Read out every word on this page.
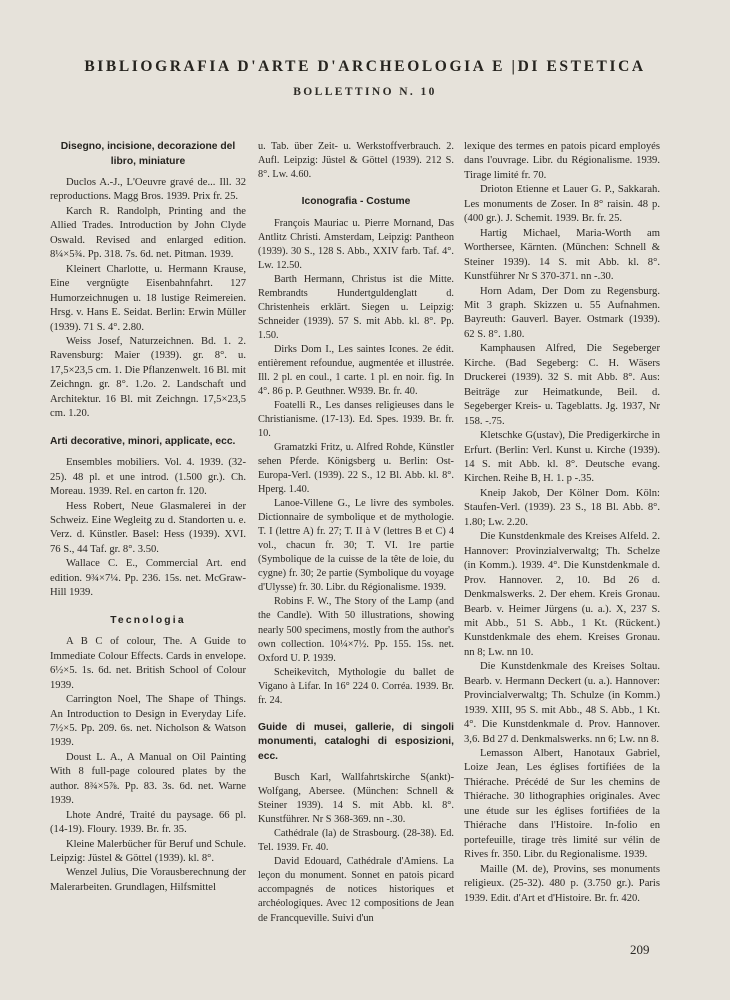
BIBLIOGRAFIA D'ARTE D'ARCHEOLOGIA E |DI ESTETICA
BOLLETTINO N. 10

Disegno, incisione, decorazione del libro, miniature

Duclos A.-J., L'Oeuvre gravé de... Ill. 32 reproductions. Magg Bros. 1939. Prix fr. 25.

Karch R. Randolph, Printing and the Allied Trades. Introduction by John Clyde Oswald. Revised and enlarged edition. 8¼×5¾. Pp. 318. 7s. 6d. net. Pitman. 1939.

Kleinert Charlotte, u. Hermann Krause, Eine vergnügte Eisenbahnfahrt. 127 Humorzeichnugen u. 18 lustige Reimereien. Hrsg. v. Hans E. Seidat. Berlin: Erwin Müller (1939). 71 S. 4°. 2.80.

Weiss Josef, Naturzeichnen. Bd. 1. 2. Ravensburg: Maier (1939). gr. 8°. u. 17,5×23,5 cm. 1. Die Pflanzenwelt. 16 Bl. mit Zeichngn. gr. 8°. 1.2o. 2. Landschaft und Architektur. 16 Bl. mit Zeichngn. 17,5×23,5 cm. 1.20.

Arti decorative, minori, applicate, ecc.

Ensembles mobiliers. Vol. 4. 1939. (32-25). 48 pl. et une introd. (1.500 gr.). Ch. Moreau. 1939. Rel. en carton fr. 120.

Hess Robert, Neue Glasmalerei in der Schweiz. Eine Wegleitg zu d. Standorten u. e. Verz. d. Künstler. Basel: Hess (1939). XVI. 76 S., 44 Taf. gr. 8°. 3.50.

Wallace C. E., Commercial Art. end edition. 9¾×7¼. Pp. 236. 15s. net. McGraw-Hill 1939.

Tecnologia

A B C of colour, The. A Guide to Immediate Colour Effects. Cards in envelope. 6½×5. 1s. 6d. net. British School of Colour 1939.

Carrington Noel, The Shape of Things. An Introduction to Design in Everyday Life. 7½×5. Pp. 209. 6s. net. Nicholson & Watson 1939.

Doust L. A., A Manual on Oil Painting With 8 full-page coloured plates by the author. 8¾×5⅞. Pp. 83. 3s. 6d. net. Warne 1939.

Lhote André, Traité du paysage. 66 pl. (14-19). Floury. 1939. Br. fr. 35.

Kleine Malerbücher für Beruf und Schule. Leipzig: Jüstel & Göttel (1939). kl. 8°.

Wenzel Julius, Die Vorausberechnung der Malerarbeiten. Grundlagen, Hilfsmittel

u. Tab. über Zeit- u. Werkstoffverbrauch. 2. Aufl. Leipzig: Jüstel & Göttel (1939). 212 S. 8°. Lw. 4.60.

Iconografia - Costume

François Mauriac u. Pierre Mornand, Das Antlitz Christi. Amsterdam, Leipzig: Pantheon (1939). 30 S., 128 S. Abb., XXIV farb. Taf. 4°. Lw. 12.50.

Barth Hermann, Christus ist die Mitte. Rembrandts Hundertguldenglatt d. Christenheis erklärt. Siegen u. Leipzig: Schneider (1939). 57 S. mit Abb. kl. 8°. Pp. 1.50.

Dirks Dom I., Les saintes Icones. 2e édit. entièrement refoundue, augmentée et illustrée. Ill. 2 pl. en coul., 1 carte. 1 pl. en noir. fig. In 4°. 86 p. P. Geuthner. W939. Br. fr. 40.

Foatelli R., Les danses religieuses dans le Christianisme. (17-13). Ed. Spes. 1939. Br. fr. 10.

Gramatzki Fritz, u. Alfred Rohde, Künstler sehen Pferde. Königsberg u. Berlin: Ost-Europa-Verl. (1939). 22 S., 12 Bl. Abb. kl. 8°. Hperg. 1.40.

Lanoe-Villene G., Le livre des symboles. Dictionnaire de symbolique et de mythologie. T. I (lettre A) fr. 27; T. II à V (lettres B et C) 4 vol., chacun fr. 30; T. VI. 1re partie (Symbolique de la cuisse de la tête de loie, du cygne) fr. 30; 2e partie (Symbolique du voyage d'Ulysse) fr. 30. Libr. du Régionalisme. 1939.

Robins F. W., The Story of the Lamp (and the Candle). With 50 illustrations, showing nearly 500 specimens, mostly from the author's own collection. 10¼×7½. Pp. 155. 15s. net. Oxford U. P. 1939.

Scheikevitch, Mythologie du ballet de Vigano à Lifar. In 16° 224 0. Corréa. 1939. Br. fr. 24.

Guide di musei, gallerie, di singoli monumenti, cataloghi di esposizioni, ecc.

Busch Karl, Wallfahrtskirche S(ankt)-Wolfgang, Abersee. (München: Schnell & Steiner 1939). 14 S. mit Abb. kl. 8°. Kunstführer. Nr S 368-369. nn -.30.

Cathédrale (la) de Strasbourg. (28-38). Ed. Tel. 1939. Fr. 40.

David Edouard, Cathédrale d'Amiens. La leçon du monument. Sonnet en patois picard accompagnés de notices historiques et archéologiques. Avec 12 compositions de Jean de Francqueville. Suivi d'un

lexique des termes en patois picard employés dans l'ouvrage. Libr. du Régionalisme. 1939. Tirage limité fr. 70.

Drioton Etienne et Lauer G. P., Sakkarah. Les monuments de Zoser. In 8° raisin. 48 p. (400 gr.). J. Schemit. 1939. Br. fr. 25.

Hartig Michael, Maria-Worth am Worthersee, Kärnten. (München: Schnell & Steiner 1939). 14 S. mit Abb. kl. 8°. Kunstführer Nr S 370-371. nn -.30.

Horn Adam, Der Dom zu Regensburg. Mit 3 graph. Skizzen u. 55 Aufnahmen. Bayreuth: Gauverl. Bayer. Ostmark (1939). 62 S. 8°. 1.80.

Kamphausen Alfred, Die Segeberger Kirche. (Bad Segeberg: C. H. Wäsers Druckerei (1939). 32 S. mit Abb. 8°. Aus: Beiträge zur Heimatkunde, Beil. d. Segeberger Kreis- u. Tageblatts. Jg. 1937, Nr 158. -.75.

Kletschke G(ustav), Die Predigerkirche in Erfurt. (Berlin: Verl. Kunst u. Kirche (1939). 14 S. mit Abb. kl. 8°. Deutsche evang. Kirchen. Reihe B, H. 1. p -.35.

Kneip Jakob, Der Kölner Dom. Köln: Staufen-Verl. (1939). 23 S., 18 Bl. Abb. 8°. 1.80; Lw. 2.20.

Die Kunstdenkmale des Kreises Alfeld. 2. Hannover: Provinzialverwaltg; Th. Schelze (in Komm.). 1939. 4°. Die Kunstdenkmale d. Prov. Hannover. 2, 10. Bd 26 d. Denkmalswerks. 2. Der ehem. Kreis Gronau. Bearb. v. Heimer Jürgens (u. a.). X, 237 S. mit Abb., 51 S. Abb., 1 Kt. (Rückent.) Kunstdenkmale des ehem. Kreises Gronau. nn 8; Lw. nn 10.

Die Kunstdenkmale des Kreises Soltau. Bearb. v. Hermann Deckert (u. a.). Hannover: Provincialverwaltg; Th. Schulze (in Komm.) 1939. XIII, 95 S. mit Abb., 48 S. Abb., 1 Kt. 4°. Die Kunstdenkmale d. Prov. Hannover. 3,6. Bd 27 d. Denkmalswerks. nn 6; Lw. nn 8.

Lemasson Albert, Hanotaux Gabriel, Loize Jean, Les églises fortifiées de la Thiérache. Précédé de Sur les chemins de Thiérache. 30 lithographies originales. Avec une étude sur les églises fortifiées de la Thiérache dans l'Histoire. In-folio en portefeuille, tirage très limité sur vélin de Rives fr. 350. Libr. du Regionalisme. 1939.

Maille (M. de), Provins, ses monuments religieux. (25-32). 480 p. (3.750 gr.). Paris 1939. Edit. d'Art et d'Histoire. Br. fr. 420.

209
